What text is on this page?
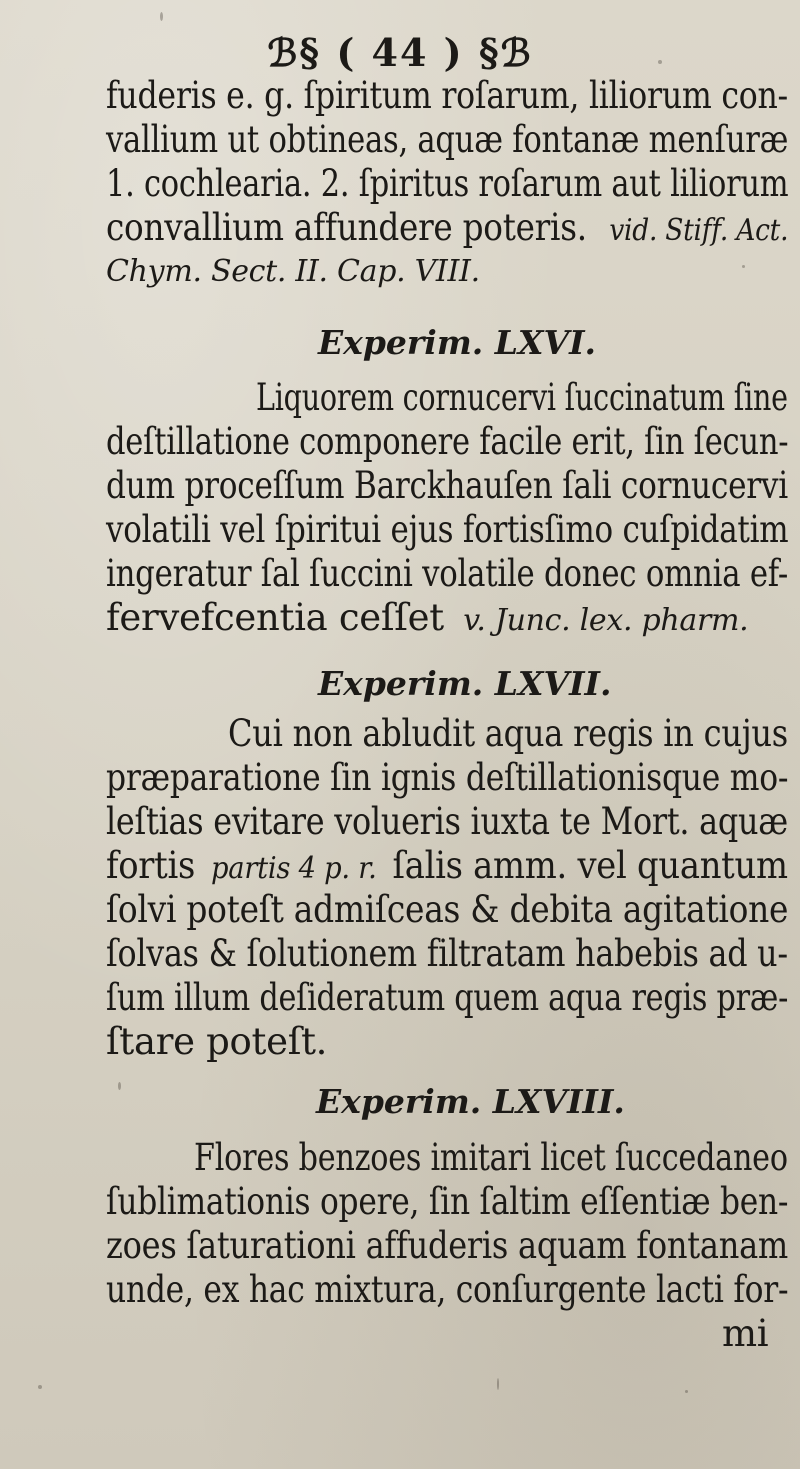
ℬ§ ( 44 ) §ℬ
fuderis e. g. ſpiritum roſarum, liliorum con-
vallium ut obtineas, aquæ fontanæ menſuræ
1. cochlearia. 2. ſpiritus roſarum aut liliorum
convallium affundere poteris. vid. Stiff. Act.
Chym. Sect. II. Cap. VIII.
Experim. LXVI.
Liquorem cornucervi ſuccinatum ſine
deſtillatione componere facile erit, ſin ſecun-
dum proceſſum Barckhauſen ſali cornucervi
volatili vel ſpiritui ejus fortisſimo cuſpidatim
ingeratur ſal ſuccini volatile donec omnia ef-
fervefcentia ceſſet v. Junc. lex. pharm.
Experim. LXVII.
Cui non abludit aqua regis in cujus
præparatione ſin ignis deſtillationisque mo-
leſtias evitare volueris iuxta te Mort. aquæ
fortis partis 4 p. r. ſalis amm. vel quantum
ſolvi poteſt admiſceas & debita agitatione
ſolvas & ſolutionem filtratam habebis ad u-
ſum illum deſideratum quem aqua regis præ-
ſtare poteſt.
Experim. LXVIII.
Flores benzoes imitari licet ſuccedaneo
ſublimationis opere, ſin ſaltim eſſentiæ ben-
zoes ſaturationi affuderis aquam fontanam
unde, ex hac mixtura, conſurgente lacti for-
mi
